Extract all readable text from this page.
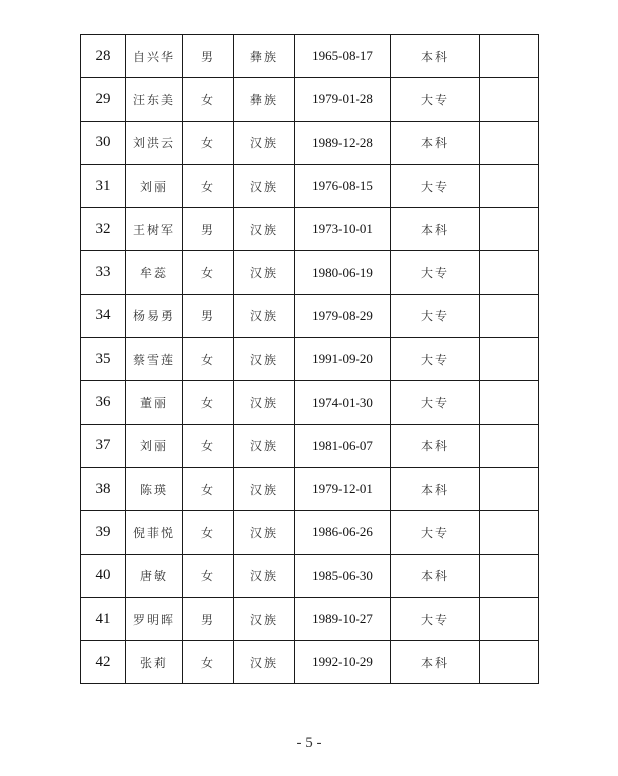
28	自兴华	男	彝族	1965-08-17	本科	
29	汪东美	女	彝族	1979-01-28	大专	
30	刘洪云	女	汉族	1989-12-28	本科	
31	刘丽	女	汉族	1976-08-15	大专	
32	王树军	男	汉族	1973-10-01	本科	
33	牟蕊	女	汉族	1980-06-19	大专	
34	杨易勇	男	汉族	1979-08-29	大专	
35	蔡雪莲	女	汉族	1991-09-20	大专	
36	董丽	女	汉族	1974-01-30	大专	
37	刘丽	女	汉族	1981-06-07	本科	
38	陈瑛	女	汉族	1979-12-01	本科	
39	倪菲悦	女	汉族	1986-06-26	大专	
40	唐敏	女	汉族	1985-06-30	本科	
41	罗明晖	男	汉族	1989-10-27	大专	
42	张莉	女	汉族	1992-10-29	本科	
- 5 -
